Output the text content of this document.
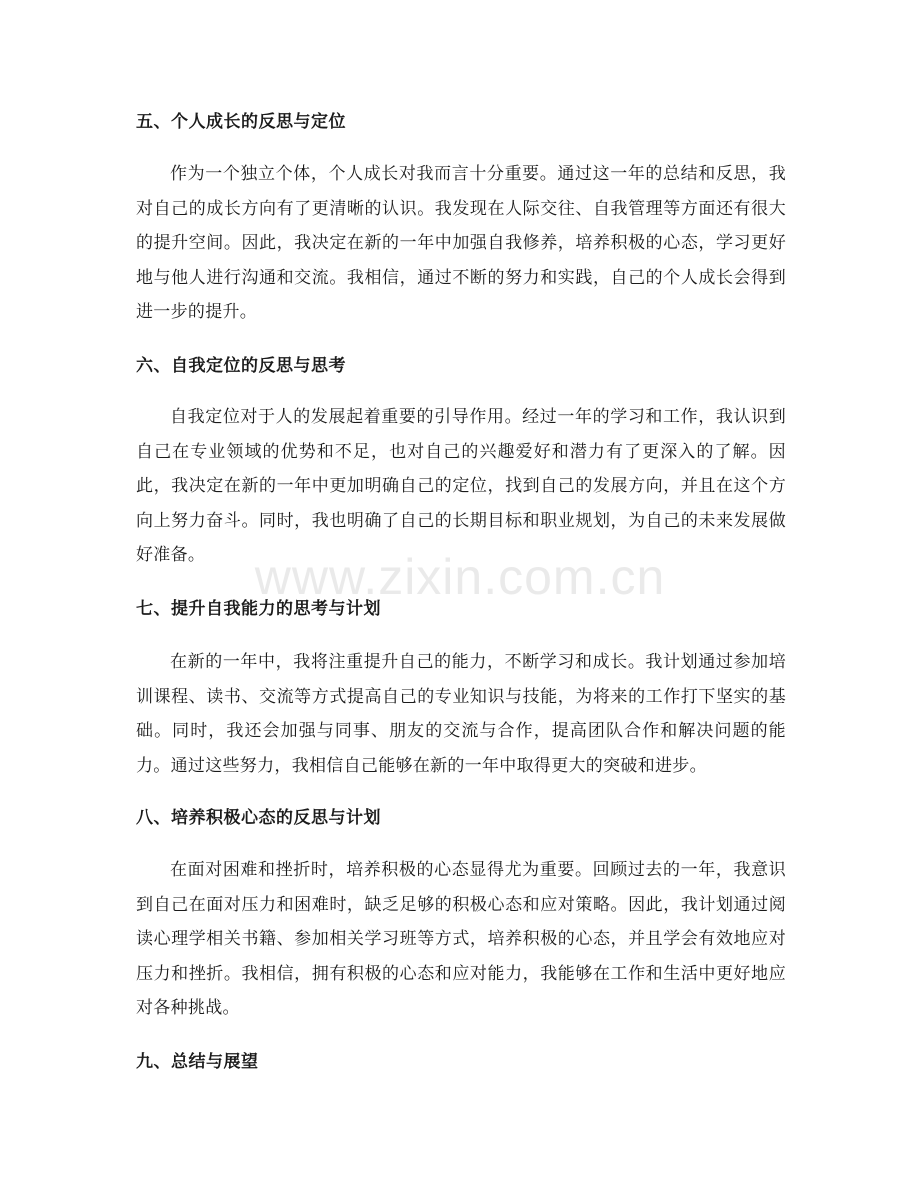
五、个人成长的反思与定位

作为一个独立个体，个人成长对我而言十分重要。通过这一年的总结和反思，我对自己的成长方向有了更清晰的认识。我发现在人际交往、自我管理等方面还有很大的提升空间。因此，我决定在新的一年中加强自我修养，培养积极的心态，学习更好地与他人进行沟通和交流。我相信，通过不断的努力和实践，自己的个人成长会得到进一步的提升。

六、自我定位的反思与思考

自我定位对于人的发展起着重要的引导作用。经过一年的学习和工作，我认识到自己在专业领域的优势和不足，也对自己的兴趣爱好和潜力有了更深入的了解。因此，我决定在新的一年中更加明确自己的定位，找到自己的发展方向，并且在这个方向上努力奋斗。同时，我也明确了自己的长期目标和职业规划，为自己的未来发展做好准备。

七、提升自我能力的思考与计划

在新的一年中，我将注重提升自己的能力，不断学习和成长。我计划通过参加培训课程、读书、交流等方式提高自己的专业知识与技能，为将来的工作打下坚实的基础。同时，我还会加强与同事、朋友的交流与合作，提高团队合作和解决问题的能力。通过这些努力，我相信自己能够在新的一年中取得更大的突破和进步。

八、培养积极心态的反思与计划

在面对困难和挫折时，培养积极的心态显得尤为重要。回顾过去的一年，我意识到自己在面对压力和困难时，缺乏足够的积极心态和应对策略。因此，我计划通过阅读心理学相关书籍、参加相关学习班等方式，培养积极的心态，并且学会有效地应对压力和挫折。我相信，拥有积极的心态和应对能力，我能够在工作和生活中更好地应对各种挑战。

九、总结与展望
www.zixin.com.cn
